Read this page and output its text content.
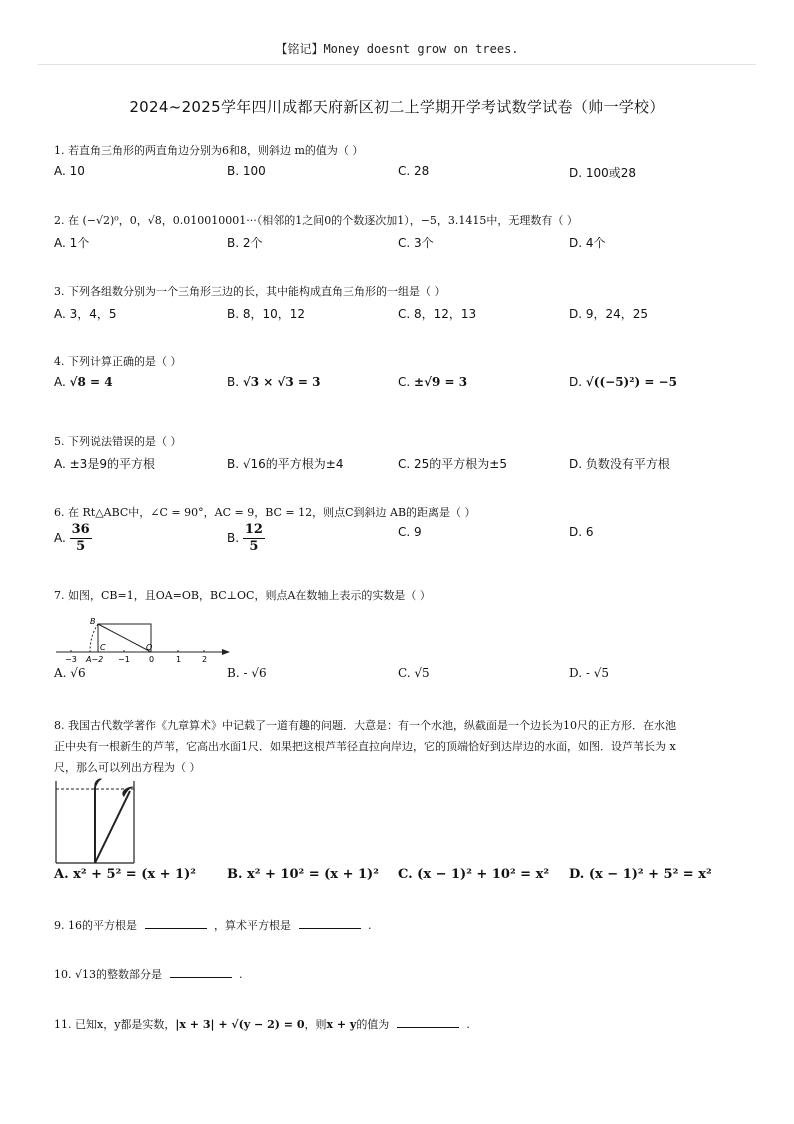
【铭记】Money doesnt grow on trees.
2024~2025学年四川成都天府新区初二上学期开学考试数学试卷（帅一学校）
1. 若直角三角形的两直角边分别为6和8，则斜边 m的值为（ ）
A. 10	B. 100	C. 28	D. 100或28
2. 在 (−√2)⁰，0，√8，0.010010001···（相邻的1之间0的个数逐次加1），−5，3.1415中，无理数有（ ）
A. 1个	B. 2个	C. 3个	D. 4个
3. 下列各组数分别为一个三角形三边的长，其中能构成直角三角形的一组是（ ）
A. 3，4，5	B. 8，10，12	C. 8，12，13	D. 9，24，25
4. 下列计算正确的是（ ）
A. √8 = 4	B. √3 × √3 = 3	C. ±√9 = 3	D. √((−5)²) = −5
5. 下列说法错误的是（ ）
A. ±3是9的平方根	B. √16的平方根为±4	C. 25的平方根为±5	D. 负数没有平方根
6. 在 Rt△ABC中，∠C = 90°，AC = 9，BC = 12，则点C到斜边 AB的距离是（ ）
A. $\frac{36}{5}$	B. $\frac{12}{5}$	C. 9	D. 6
7. 如图，CB=1，且OA=OB，BC⊥OC，则点A在数轴上表示的实数是（ ）
−3 A−2 −1 0	1	2
B
C	O
A. √6	B. ‑ √6	C. √5	D. ‑ √5
8. 我国古代数学著作《九章算术》中记载了一道有趣的问题．大意是：有一个水池，纵截面是一个边长为10尺的正方形．在水池
正中央有一根新生的芦苇，它高出水面1尺．如果把这根芦苇径直拉向岸边，它的顶端恰好到达岸边的水面，如图．设芦苇长为 x
尺，那么可以列出方程为（ ）
A. x² + 5² = (x + 1)² B. x² + 10² = (x + 1)² C. (x − 1)² + 10² = x² D. (x − 1)² + 5² = x²
9. 16的平方根是	，算术平方根是	.
10. √13的整数部分是	.
11. 已知x，y都是实数，|x + 3| + √(y − 2) = 0，则x + y的值为	.
